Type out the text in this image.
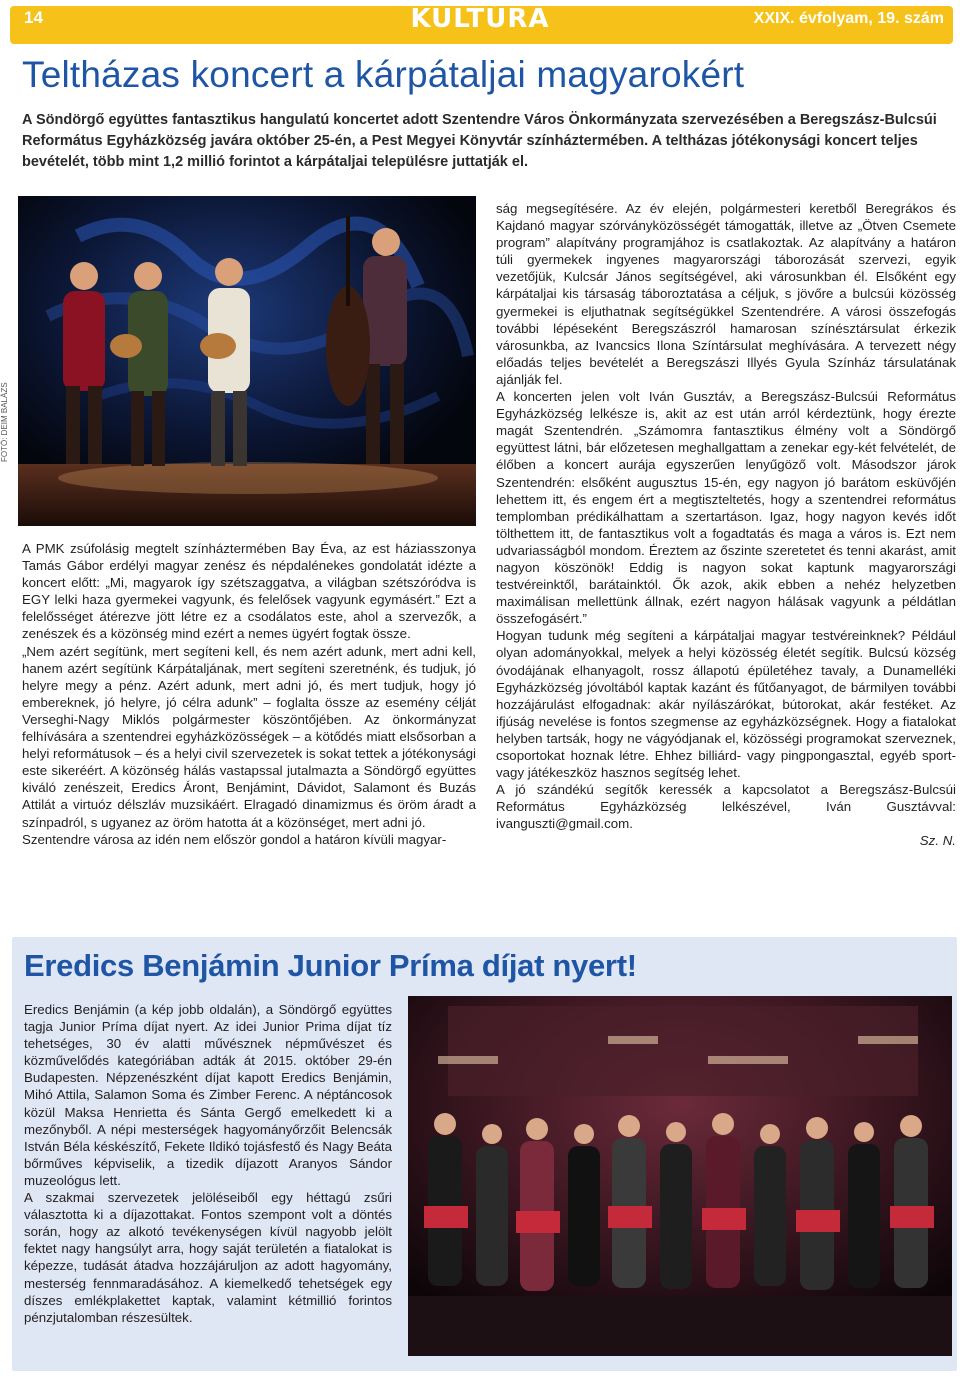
14	KULTÚRA	XXIX. évfolyam, 19. szám
Teltházas koncert a kárpátaljai magyarokért

A Söndörgő együttes fantasztikus hangulatú koncertet adott Szentendre Város Önkormányzata szervezésében a Beregszász-Bulcsúi Református Egyházközség javára október 25-én, a Pest Megyei Könyvtár színháztermében. A teltházas jótékonysági koncert teljes bevételét, több mint 1,2 millió forintot a kárpátaljai településre juttatják el.

FOTÓ: DEIM BALÁZS

A PMK zsúfolásig megtelt színháztermében Bay Éva, az est háziasszonya Tamás Gábor erdélyi magyar zenész és népdalénekes gondolatát idézte a koncert előtt: „Mi, magyarok így szétszaggatva, a világban szétszóródva is EGY lelki haza gyermekei vagyunk, és felelősek vagyunk egymásért.” Ezt a felelősséget átérezve jött létre ez a csodálatos este, ahol a szervezők, a zenészek és a közönség mind ezért a nemes ügyért fogtak össze.

„Nem azért segítünk, mert segíteni kell, és nem azért adunk, mert adni kell, hanem azért segítünk Kárpátaljának, mert segíteni szeretnénk, és tudjuk, jó helyre megy a pénz. Azért adunk, mert adni jó, és mert tudjuk, hogy jó embereknek, jó helyre, jó célra adunk” – foglalta össze az esemény célját Verseghi-Nagy Miklós polgármester köszöntőjében. Az önkormányzat felhívására a szentendrei egyházközösségek – a kötődés miatt elsősorban a helyi reformátusok – és a helyi civil szervezetek is sokat tettek a jótékonysági este sikeréért. A közönség hálás vastapssal jutalmazta a Söndörgő együttes kiváló zenészeit, Eredics Áront, Benjámint, Dávidot, Salamont és Buzás Attilát a virtuóz délszláv muzsikáért. Elragadó dinamizmus és öröm áradt a színpadról, s ugyanez az öröm hatotta át a közönséget, mert adni jó.

Szentendre városa az idén nem először gondol a határon kívüli magyar-

ság megsegítésére. Az év elején, polgármesteri keretből Beregrákos és Kajdanó magyar szórványközösségét támogatták, illetve az „Ötven Csemete program” alapítvány programjához is csatlakoztak. Az alapítvány a határon túli gyermekek ingyenes magyarországi táborozását szervezi, egyik vezetőjük, Kulcsár János segítségével, aki városunkban él. Elsőként egy kárpátaljai kis társaság táboroztatása a céljuk, s jövőre a bulcsúi közösség gyermekei is eljuthatnak segítségükkel Szentendrére. A városi összefogás további lépéseként Beregszászról hamarosan színésztársulat érkezik városunkba, az Ivancsics Ilona Színtársulat meghívására. A tervezett négy előadás teljes bevételét a Beregszászi Illyés Gyula Színház társulatának ajánlják fel.

A koncerten jelen volt Iván Gusztáv, a Beregszász-Bulcsúi Református Egyházközség lelkésze is, akit az est után arról kérdeztünk, hogy érezte magát Szentendrén. „Számomra fantasztikus élmény volt a Söndörgő együttest látni, bár előzetesen meghallgattam a zenekar egy-két felvételét, de élőben a koncert aurája egyszerűen lenyűgöző volt. Másodszor járok Szentendrén: elsőként augusztus 15-én, egy nagyon jó barátom esküvőjén lehettem itt, és engem ért a megtiszteltetés, hogy a szentendrei református templomban prédikálhattam a szertartáson. Igaz, hogy nagyon kevés időt tölthettem itt, de fantasztikus volt a fogadtatás és maga a város is. Ezt nem udvariasságból mondom. Éreztem az őszinte szeretetet és tenni akarást, amit nagyon köszönök! Eddig is nagyon sokat kaptunk magyarországi testvéreinktől, barátainktól. Ők azok, akik ebben a nehéz helyzetben maximálisan mellettünk állnak, ezért nagyon hálásak vagyunk a példátlan összefogásért.”

Hogyan tudunk még segíteni a kárpátaljai magyar testvéreinknek? Például olyan adományokkal, melyek a helyi közösség életét segítik. Bulcsú község óvodájának elhanyagolt, rossz állapotú épületéhez tavaly, a Dunamelléki Egyházközség jóvoltából kaptak kazánt és fűtőanyagot, de bármilyen további hozzájárulást elfogadnak: akár nyílászárókat, bútorokat, akár festéket. Az ifjúság nevelése is fontos szegmense az egyházközségnek. Hogy a fiatalokat helyben tartsák, hogy ne vágyódjanak el, közösségi programokat szerveznek, csoportokat hoznak létre. Ehhez billiárd- vagy pingpongasztal, egyéb sport- vagy játékeszköz hasznos segítség lehet.

A jó szándékú segítők keressék a kapcsolatot a Beregszász-Bulcsúi Református Egyházközség lelkészével, Iván Gusztávval: ivanguszti@gmail.com.

Sz. N.
Eredics Benjámin Junior Príma díjat nyert!

Eredics Benjámin (a kép jobb oldalán), a Söndörgő együttes tagja Junior Príma díjat nyert. Az idei Junior Prima díjat tíz tehetséges, 30 év alatti művésznek népművészet és közművelődés kategóriában adták át 2015. október 29-én Budapesten. Népzenészként díjat kapott Eredics Benjámin, Mihó Attila, Salamon Soma és Zimber Ferenc. A néptáncosok közül Maksa Henrietta és Sánta Gergő emelkedett ki a mezőnyből. A népi mesterségek hagyományőrzőit Belencsák István Béla késkészítő, Fekete Ildikó tojásfestő és Nagy Beáta bőrműves képviselik, a tizedik díjazott Aranyos Sándor muzeológus lett.

A szakmai szervezetek jelöléseiből egy héttagú zsűri választotta ki a díjazottakat. Fontos szempont volt a döntés során, hogy az alkotó tevékenységen kívül nagyobb jelölt fektet nagy hangsúlyt arra, hogy saját területén a fiatalokat is képezze, tudását átadva hozzájáruljon az adott hagyomány, mesterség fennmaradásához. A kiemelkedő tehetségek egy díszes emlékplakettet kaptak, valamint kétmillió forintos pénzjutalomban részesültek.
